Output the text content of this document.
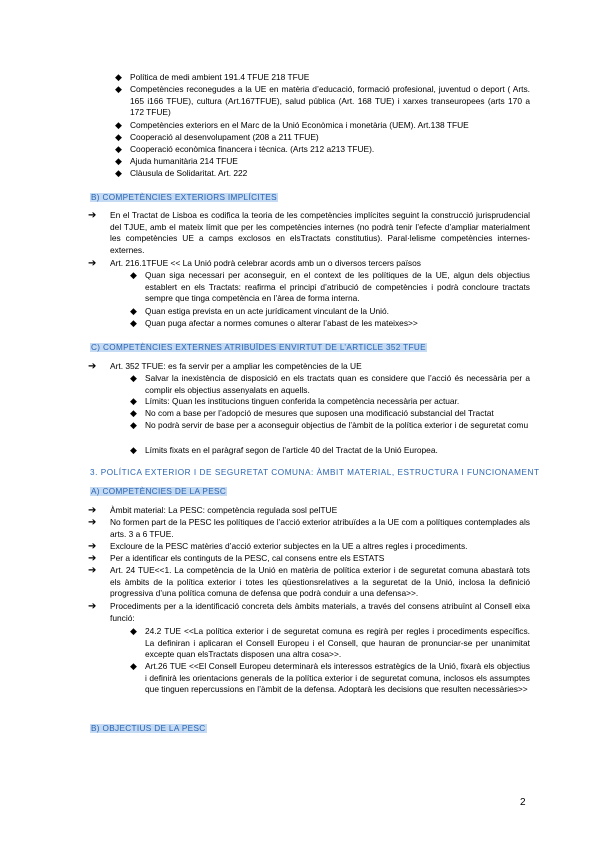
◆ Política de medi ambient 191.4 TFUE 218 TFUE
◆ Competències reconegudes a la UE en matèria d’educació, formació profesional, juventud o deport ( Arts. 165 i166 TFUE), cultura (Art.167TFUE), salud pública (Art. 168 TUE) i xarxes transeuropees (arts 170 a 172 TFUE)
◆ Competències exteriors en el Marc de la Unió Econòmica i monetària (UEM). Art.138 TFUE
◆ Cooperació al desenvolupament (208 a 211 TFUE)
◆ Cooperació econòmica financera i tècnica. (Arts 212 a213 TFUE).
◆ Ajuda humanitària 214 TFUE
◆ Clàusula de Solidaritat. Art. 222
B) COMPETÈNCIES EXTERIORS IMPLÍCITES
➔ En el Tractat de Lisboa es codifica la teoria de les competències implícites seguint la construcció jurisprudencial del TJUE, amb el mateix límit que per les competències internes (no podrà tenir l’efecte d’ampliar materialment les competències UE a camps exclosos en elsTractats constitutius). Paral·lelisme competències internes-externes.
➔ Art. 216.1TFUE << La Unió podrà celebrar acords amb un o diversos tercers països
◆ Quan siga necessari per aconseguir, en el context de les polítiques de la UE, algun dels objectius establert en els Tractats: reafirma el principi d’atribució de competències i podrà concloure tractats sempre que tinga competència en l’àrea de forma interna.
◆ Quan estiga prevista en un acte jurídicament vinculant de la Unió.
◆ Quan puga afectar a normes comunes o alterar l’abast de les mateixes>>
C) COMPETÈNCIES EXTERNES ATRIBUÏDES ENVIRTUT DE L’ARTICLE 352 TFUE
➔ Art. 352 TFUE: es fa servir per a ampliar les competències de la UE
◆ Salvar la inexistència de disposició en els tractats quan es considere que l’acció és necessària per a complir els objectius assenyalats en aquells.
◆ Límits: Quan les institucions tinguen conferida la competència necessària per actuar.
◆ No com a base per l’adopció de mesures que suposen una modificació substancial del Tractat
◆ No podrà servir de base per a aconseguir objectius de l’àmbit de la política exterior i de seguretat comu
◆ Límits fixats en el paràgraf segon de l’article 40 del Tractat de la Unió Europea.
3. POLÍTICA EXTERIOR I DE SEGURETAT COMUNA: ÀMBIT MATERIAL, ESTRUCTURA I FUNCIONAMENT
A) COMPETÈNCIES DE LA PESC
➔ Àmbit material: La PESC: competència regulada sosl pelTUE
➔ No formen part de la PESC les polítiques de l’acció exterior atribuïdes a la UE com a polítiques contemplades als arts. 3 a 6 TFUE.
➔ Excloure de la PESC matèries d’acció exterior subjectes en la UE a altres regles i procediments.
➔ Per a identificar els continguts de la PESC, cal consens entre els ESTATS
➔ Art. 24 TUE<<1. La competència de la Unió en matèria de política exterior i de seguretat comuna abastarà tots els àmbits de la política exterior i totes les qüestionsrelatives a la seguretat de la Unió, inclosa la definició progressiva d’una política comuna de defensa que podrà conduir a una defensa>>.
➔ Procediments per a la identificació concreta dels àmbits materials, a través del consens atribuïnt al Consell eixa funció:
◆ 24.2 TUE <<La política exterior i de seguretat comuna es regirà per regles i procediments específics. La definiran i aplicaran el Consell Europeu i el Consell, que hauran de pronunciar-se per unanimitat excepte quan elsTractats disposen una altra cosa>>.
◆ Art.26 TUE <<El Consell Europeu determinarà els interessos estratègics de la Unió, fixarà els objectius i definirà les orientacions generals de la política exterior i de seguretat comuna, inclosos els assumptes que tinguen repercussions en l’àmbit de la defensa. Adoptarà les decisions que resulten necessàries>>
B) OBJECTIUS DE LA PESC
2
